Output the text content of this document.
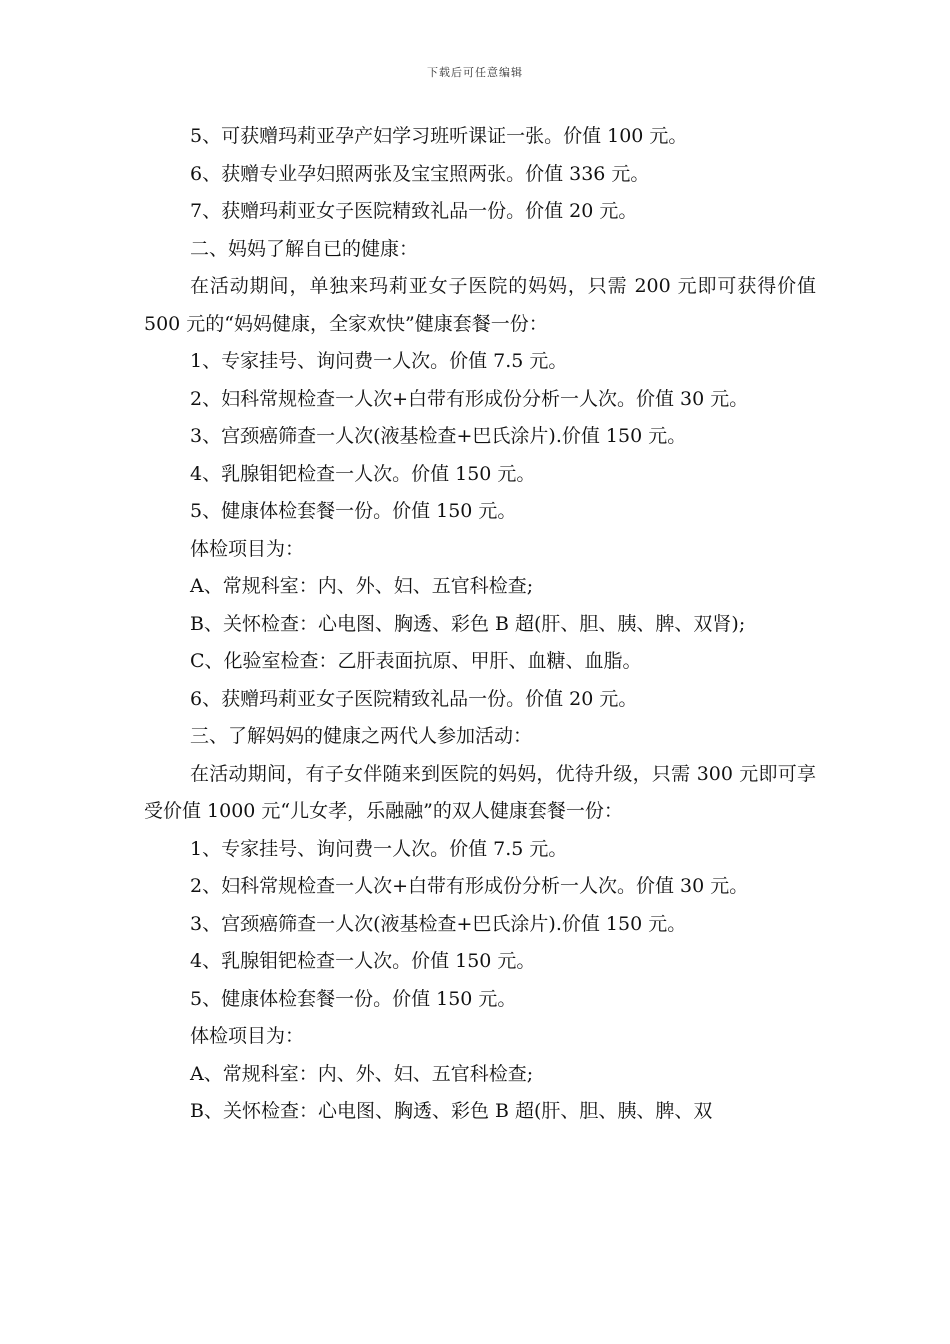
下载后可任意编辑
5、可获赠玛莉亚孕产妇学习班听课证一张。价值 100 元。
6、获赠专业孕妇照两张及宝宝照两张。价值 336 元。
7、获赠玛莉亚女子医院精致礼品一份。价值 20 元。
二、妈妈了解自已的健康：
在活动期间，单独来玛莉亚女子医院的妈妈，只需 200 元即可获得价值 500 元的“妈妈健康，全家欢快”健康套餐一份：
1、专家挂号、询问费一人次。价值 7.5 元。
2、妇科常规检查一人次+白带有形成份分析一人次。价值 30 元。
3、宫颈癌筛查一人次(液基检查+巴氏涂片).价值 150 元。
4、乳腺钼钯检查一人次。价值 150 元。
5、健康体检套餐一份。价值 150 元。
体检项目为：
A、常规科室：内、外、妇、五官科检查;
B、关怀检查：心电图、胸透、彩色 B 超(肝、胆、胰、脾、双肾);
C、化验室检查：乙肝表面抗原、甲肝、血糖、血脂。
6、获赠玛莉亚女子医院精致礼品一份。价值 20 元。
三、了解妈妈的健康之两代人参加活动：
在活动期间，有子女伴随来到医院的妈妈，优待升级，只需 300 元即可享受价值 1000 元“儿女孝，乐融融”的双人健康套餐一份：
1、专家挂号、询问费一人次。价值 7.5 元。
2、妇科常规检查一人次+白带有形成份分析一人次。价值 30 元。
3、宫颈癌筛查一人次(液基检查+巴氏涂片).价值 150 元。
4、乳腺钼钯检查一人次。价值 150 元。
5、健康体检套餐一份。价值 150 元。
体检项目为：
A、常规科室：内、外、妇、五官科检查;
B、关怀检查：心电图、胸透、彩色 B 超(肝、胆、胰、脾、双
